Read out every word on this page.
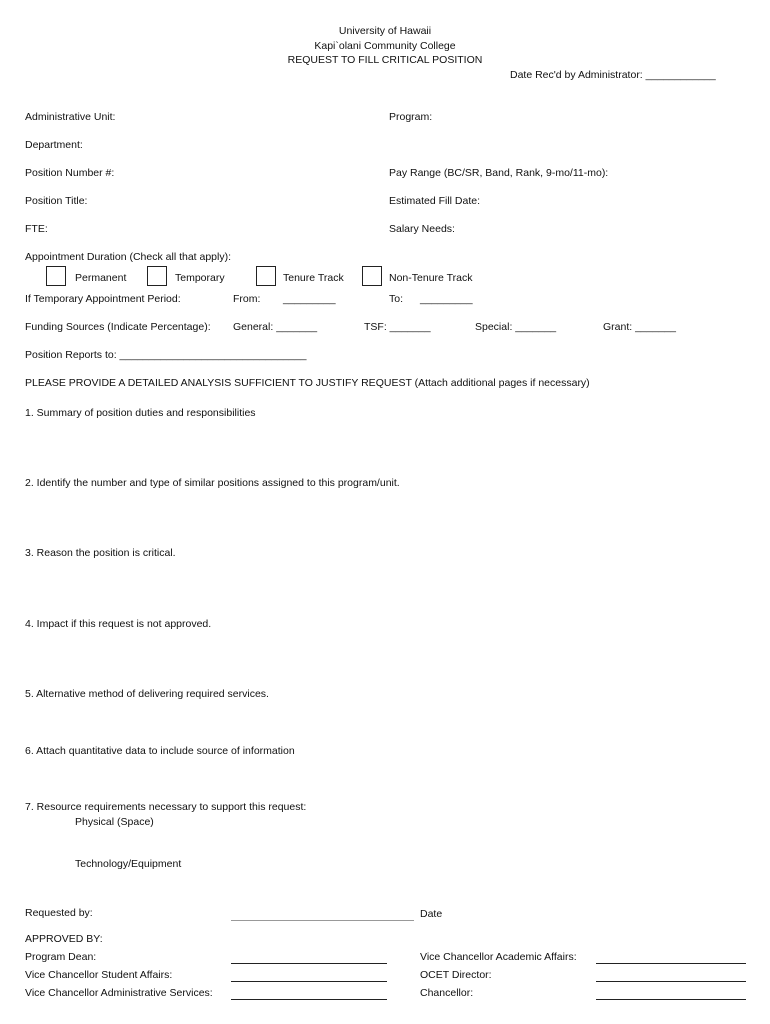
University of Hawaii
Kapi`olani Community College
REQUEST TO FILL CRITICAL POSITION
Date Rec'd by Administrator: ____________
Administrative Unit:	Program:
Department:
Position Number #:	Pay Range (BC/SR, Band, Rank, 9-mo/11-mo):
Position Title:	Estimated Fill Date:
FTE:	Salary Needs:
Appointment Duration (Check all that apply):
Permanent	Temporary	Tenure Track	Non-Tenure Track
If Temporary Appointment Period:	From: _________	To: _________
Funding Sources (Indicate Percentage): General: _______	TSF: _______	Special: _______	Grant: _______
Position Reports to: ________________________________
PLEASE PROVIDE A DETAILED ANALYSIS SUFFICIENT TO JUSTIFY REQUEST (Attach additional pages if necessary)
1. Summary of position duties and responsibilities
2. Identify the number and type of similar positions assigned to this program/unit.
3. Reason the position is critical.
4. Impact if this request is not approved.
5. Alternative method of delivering required services.
6. Attach quantitative data to include source of information
7. Resource requirements necessary to support this request:
Physical (Space)
Technology/Equipment
Requested by:	Date
APPROVED BY:
Program Dean:	Vice Chancellor Academic Affairs:
Vice Chancellor Student Affairs:	OCET Director:
Vice Chancellor Administrative Services:	Chancellor:
